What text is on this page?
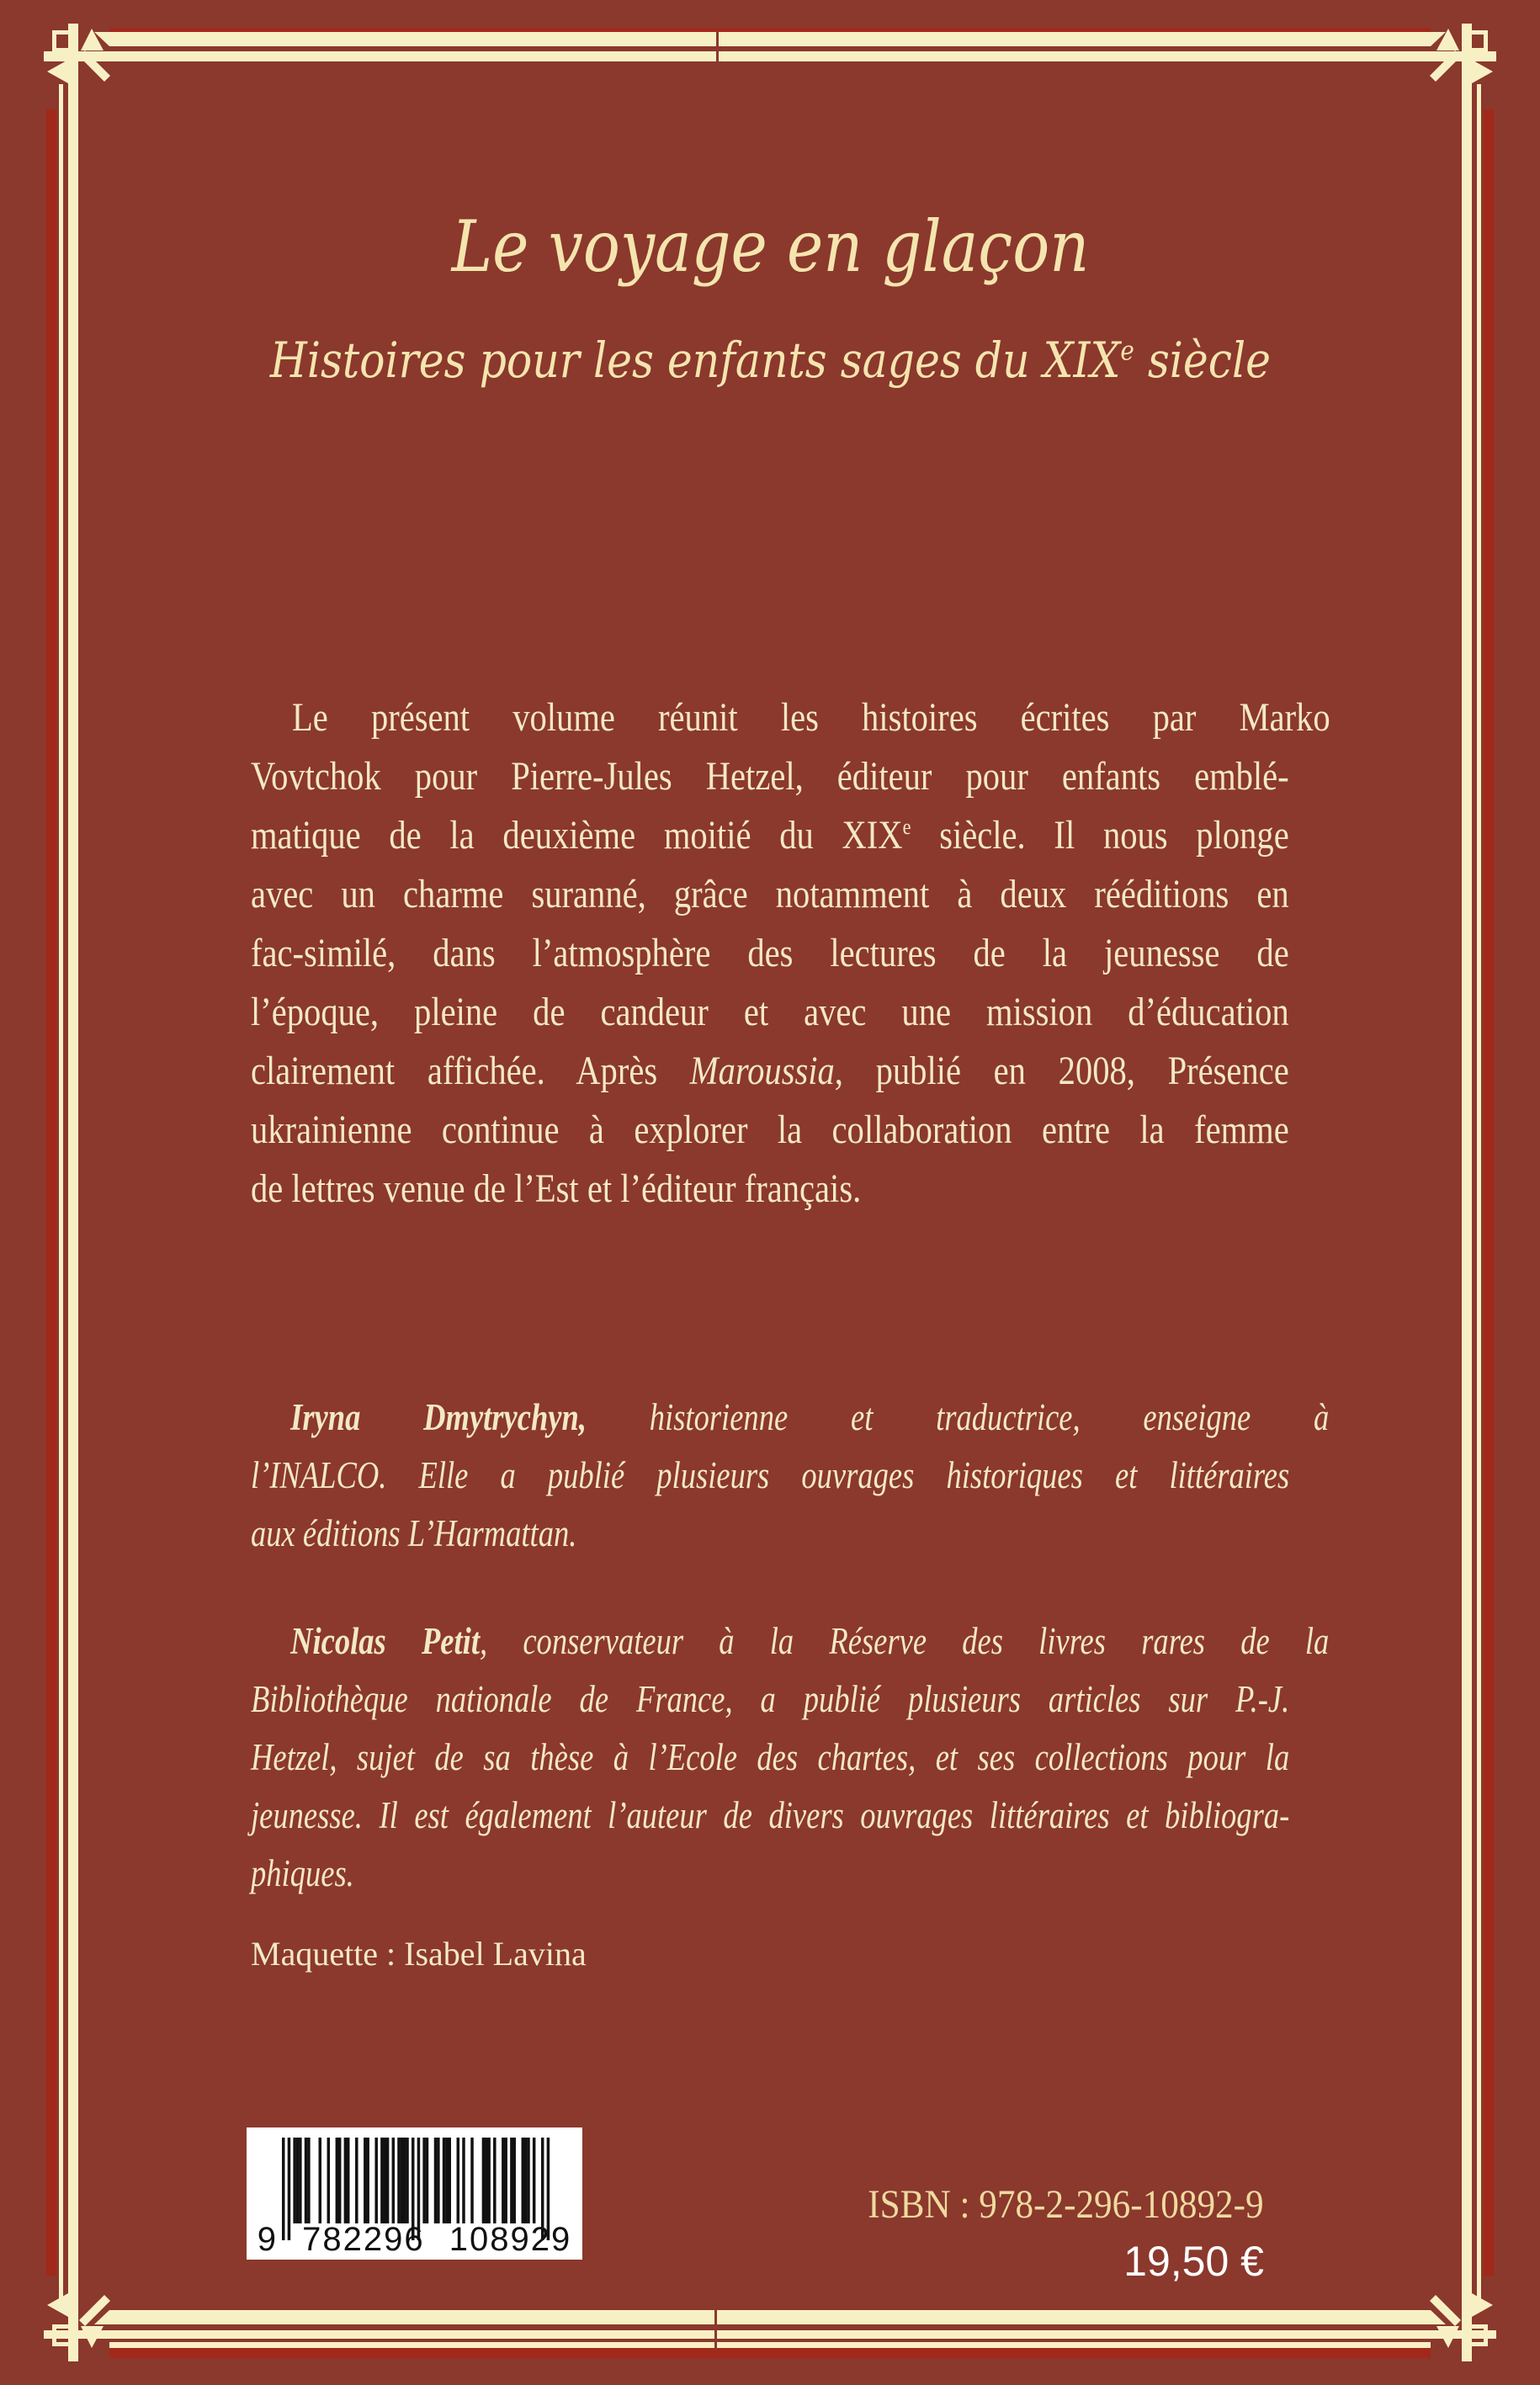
Le voyage en glaçon
Histoires pour les enfants sages du XIXe siècle
Le présent volume réunit les histoires écrites par Marko
Vovtchok pour Pierre-Jules Hetzel, éditeur pour enfants emblé-
matique de la deuxième moitié du XIXe siècle. Il nous plonge
avec un charme suranné, grâce notamment à deux rééditions en
fac-similé, dans l’atmosphère des lectures de la jeunesse de
l’époque, pleine de candeur et avec une mission d’éducation
clairement affichée. Après Maroussia, publié en 2008, Présence
ukrainienne continue à explorer la collaboration entre la femme
de lettres venue de l’Est et l’éditeur français.
Iryna Dmytrychyn, historienne et traductrice, enseigne à
l’INALCO. Elle a publié plusieurs ouvrages historiques et littéraires
aux éditions L’Harmattan.
Nicolas Petit, conservateur à la Réserve des livres rares de la
Bibliothèque nationale de France, a publié plusieurs articles sur P.-J.
Hetzel, sujet de sa thèse à l’Ecole des chartes, et ses collections pour la
jeunesse. Il est également l’auteur de divers ouvrages littéraires et bibliogra-
phiques.
Maquette : Isabel Lavina
9 782296 108929
ISBN : 978-2-296-10892-9
19,50 €
